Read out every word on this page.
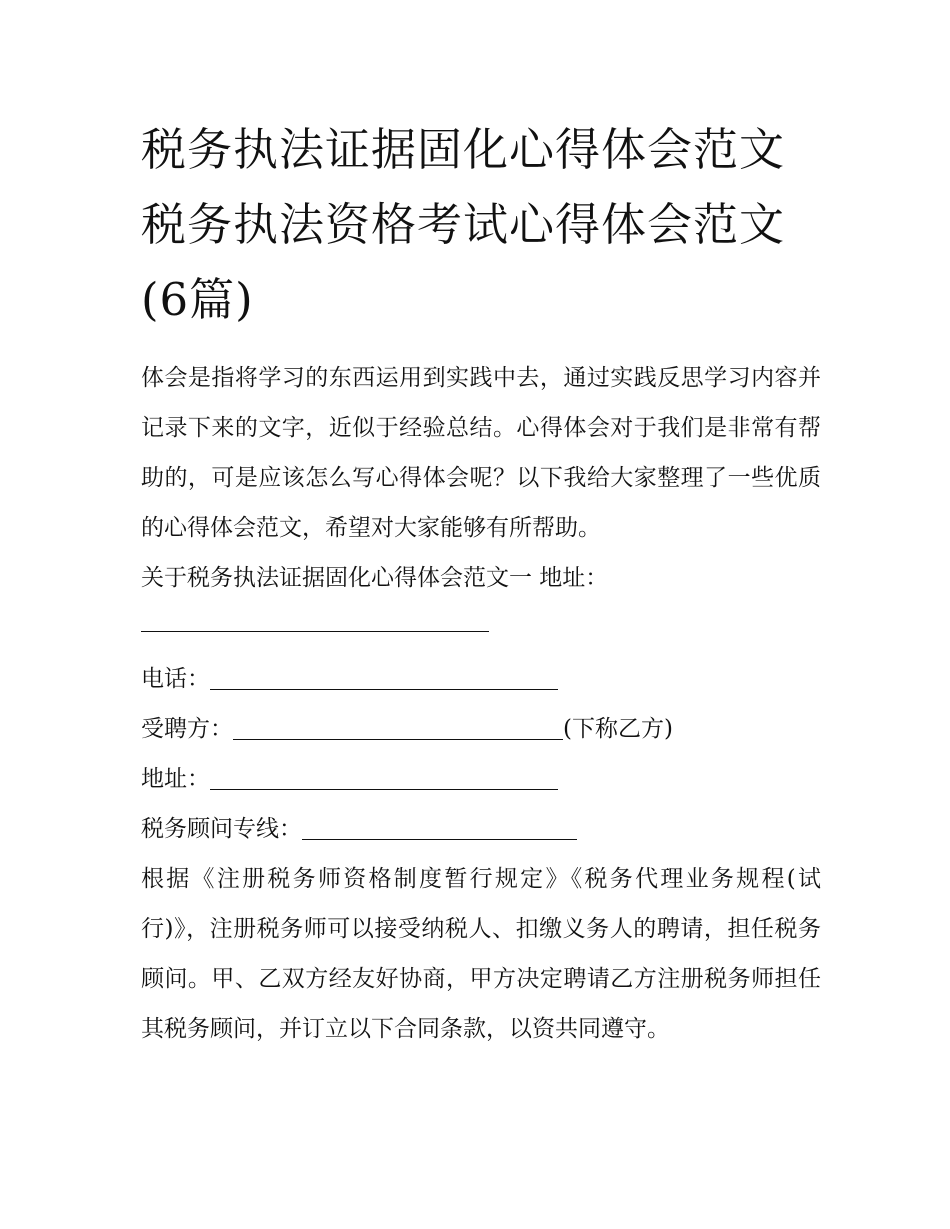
税务执法证据固化心得体会范文 税务执法资格考试心得体会范文(6篇)

体会是指将学习的东西运用到实践中去，通过实践反思学习内容并记录下来的文字，近似于经验总结。心得体会对于我们是非常有帮助的，可是应该怎么写心得体会呢？以下我给大家整理了一些优质的心得体会范文，希望对大家能够有所帮助。

关于税务执法证据固化心得体会范文一 地址：

电话：
受聘方：	(下称乙方)
地址：
税务顾问专线：

根据《注册税务师资格制度暂行规定》《税务代理业务规程(试行)》，注册税务师可以接受纳税人、扣缴义务人的聘请，担任税务顾问。甲、乙双方经友好协商，甲方决定聘请乙方注册税务师担任其税务顾问，并订立以下合同条款，以资共同遵守。
